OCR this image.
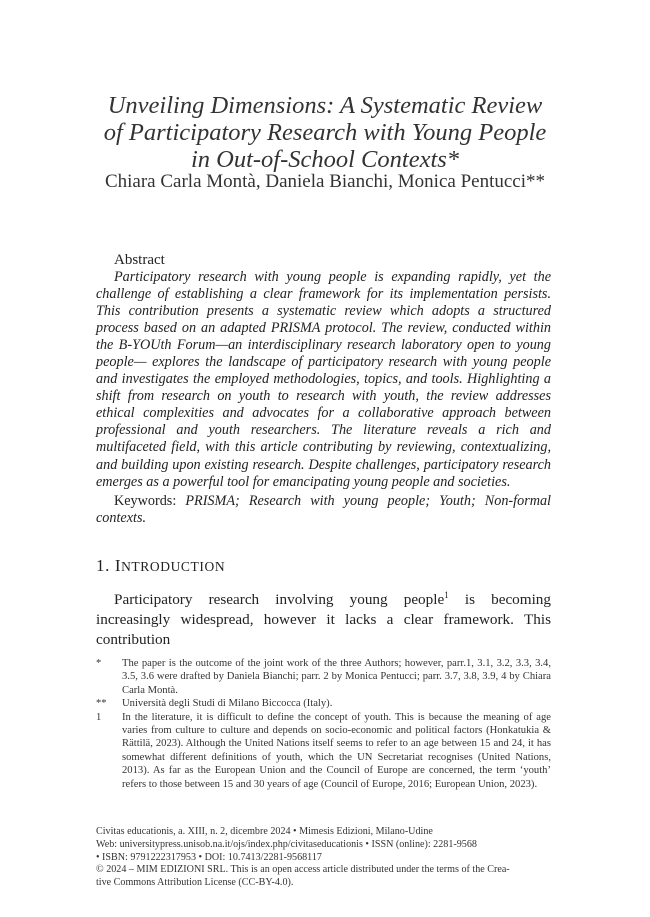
Unveiling Dimensions: A Systematic Review
of Participatory Research with Young People
in Out-of-School Contexts*
Chiara Carla Montà, Daniela Bianchi, Monica Pentucci**
Abstract
Participatory research with young people is expanding rapidly, yet the challenge of establishing a clear framework for its implementation persists. This contribution presents a systematic review which adopts a structured process based on an adapted PRISMA protocol. The review, conducted within the B-YOUth Forum—an interdisciplinary research laboratory open to young people— explores the landscape of participatory research with young people and investigates the employed methodologies, topics, and tools. Highlighting a shift from research on youth to research with youth, the review addresses ethical complexities and advocates for a collaborative approach between professional and youth researchers. The literature reveals a rich and multifaceted field, with this article contributing by reviewing, contextualizing, and building upon existing research. Despite challenges, participatory research emerges as a powerful tool for emancipating young people and societies.
Keywords: PRISMA; Research with young people; Youth; Non-formal contexts.
1. INTRODUCTION
Participatory research involving young people$^1$ is becoming increasingly widespread, however it lacks a clear framework. This contribution
*	The paper is the outcome of the joint work of the three Authors; however, parr.1, 3.1, 3.2, 3.3, 3.4, 3.5, 3.6 were drafted by Daniela Bianchi; parr. 2 by Monica Pentucci; parr. 3.7, 3.8, 3.9, 4 by Chiara Carla Montà.
**	Università degli Studi di Milano Biccocca (Italy).
1	In the literature, it is difficult to define the concept of youth. This is because the meaning of age varies from culture to culture and depends on socio-economic and political factors (Honkatukia & Rättilä, 2023). Although the United Nations itself seems to refer to an age between 15 and 24, it has somewhat different definitions of youth, which the UN Secretariat recognises (United Nations, 2013). As far as the European Union and the Council of Europe are concerned, the term ‘youth’ refers to those between 15 and 30 years of age (Council of Europe, 2016; European Union, 2023).
Civitas educationis, a. XIII, n. 2, dicembre 2024 • Mimesis Edizioni, Milano-Udine
Web: universitypress.unisob.na.it/ojs/index.php/civitaseducationis • ISSN (online): 2281-9568
• ISBN: 9791222317953 • DOI: 10.7413/2281-9568117
© 2024 – MIM EDIZIONI SRL. This is an open access article distributed under the terms of the Crea-
tive Commons Attribution License (CC-BY-4.0).
